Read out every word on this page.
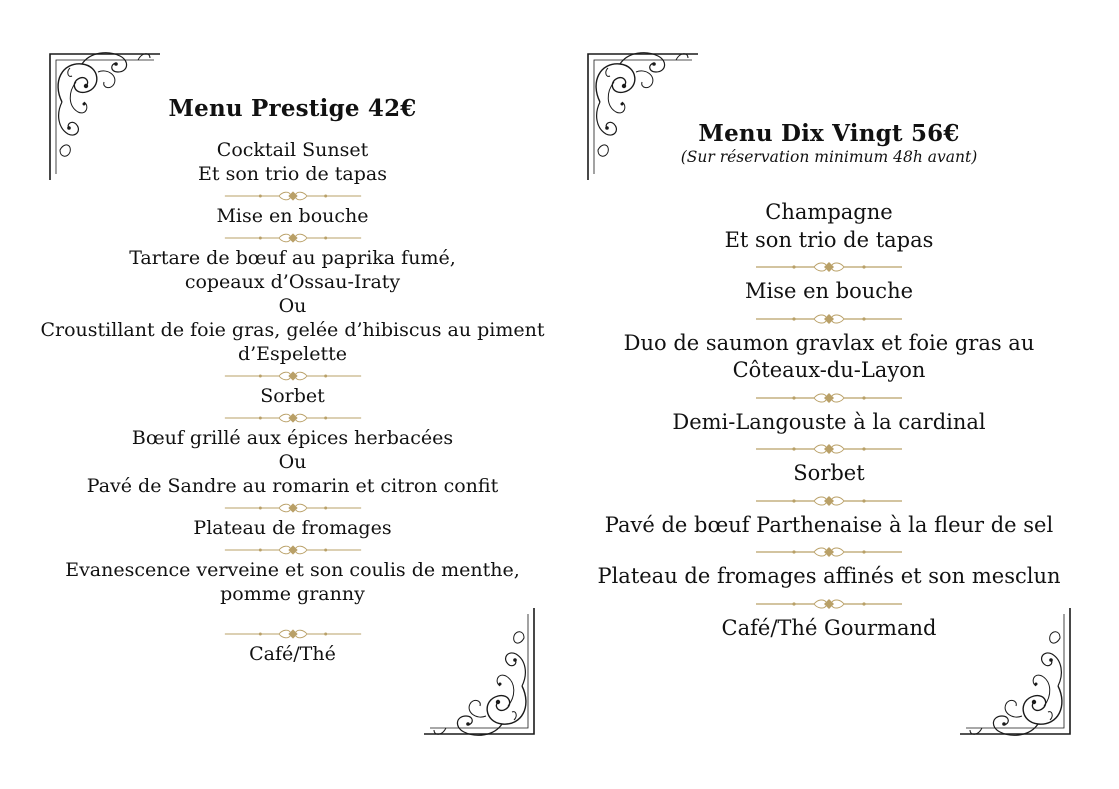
Menu Prestige 42€
Cocktail Sunset
Et son trio de tapas
Mise en bouche
Tartare de bœuf au paprika fumé,
copeaux d’Ossau-Iraty
Ou
Croustillant de foie gras, gelée d’hibiscus au piment
d’Espelette
Sorbet
Bœuf grillé aux épices herbacées
Ou
Pavé de Sandre au romarin et citron confit
Plateau de fromages
Evanescence verveine et son coulis de menthe,
pomme granny
Café/Thé
Menu Dix Vingt 56€
(Sur réservation minimum 48h avant)
Champagne
Et son trio de tapas
Mise en bouche
Duo de saumon gravlax et foie gras au
Côteaux-du-Layon
Demi-Langouste à la cardinal
Sorbet
Pavé de bœuf Parthenaise à la fleur de sel
Plateau de fromages affinés et son mesclun
Café/Thé Gourmand
